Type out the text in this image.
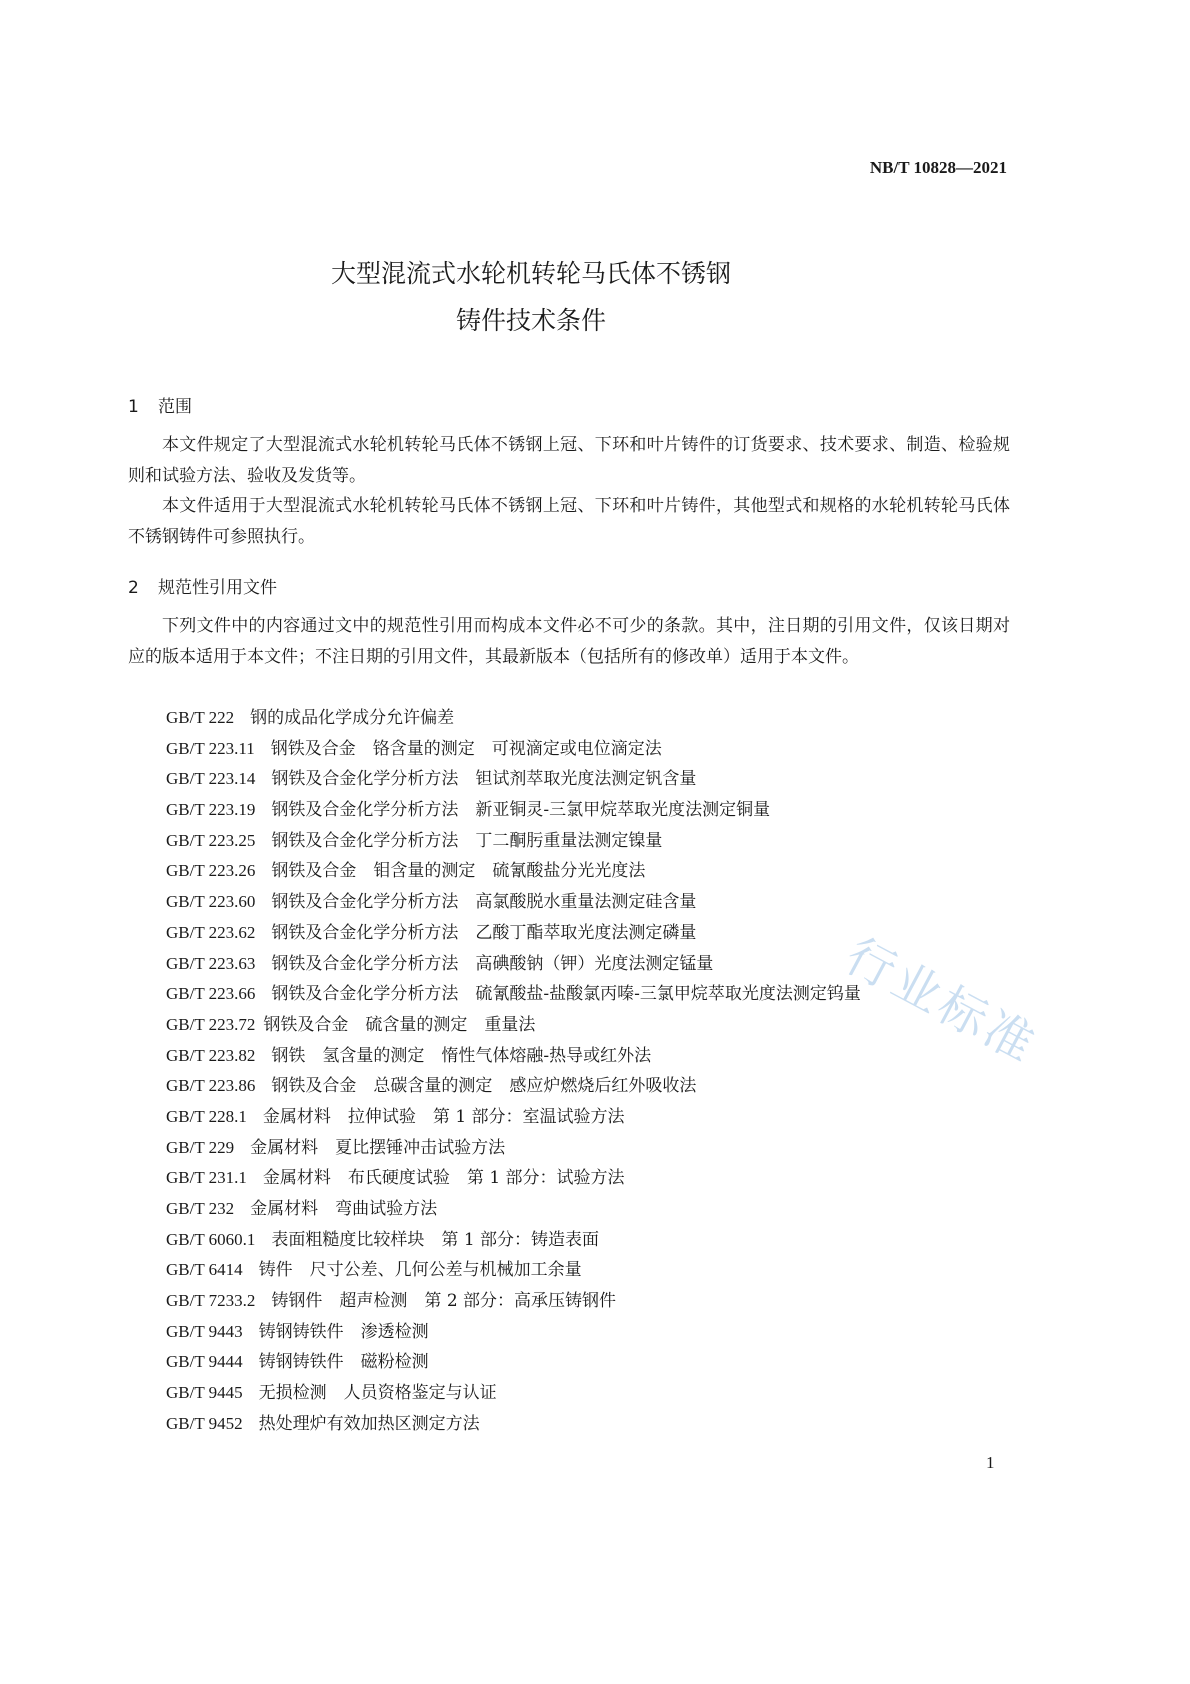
NB/T 10828—2021
大型混流式水轮机转轮马氏体不锈钢
铸件技术条件
1 范围
本文件规定了大型混流式水轮机转轮马氏体不锈钢上冠、下环和叶片铸件的订货要求、技术要求、制造、检验规则和试验方法、验收及发货等。
本文件适用于大型混流式水轮机转轮马氏体不锈钢上冠、下环和叶片铸件，其他型式和规格的水轮机转轮马氏体不锈钢铸件可参照执行。
2 规范性引用文件
下列文件中的内容通过文中的规范性引用而构成本文件必不可少的条款。其中，注日期的引用文件，仅该日期对应的版本适用于本文件；不注日期的引用文件，其最新版本（包括所有的修改单）适用于本文件。
GB/T 222 钢的成品化学成分允许偏差
GB/T 223.11 钢铁及合金　铬含量的测定　可视滴定或电位滴定法
GB/T 223.14 钢铁及合金化学分析方法　钽试剂萃取光度法测定钒含量
GB/T 223.19 钢铁及合金化学分析方法　新亚铜灵-三氯甲烷萃取光度法测定铜量
GB/T 223.25 钢铁及合金化学分析方法　丁二酮肟重量法测定镍量
GB/T 223.26 钢铁及合金　钼含量的测定　硫氰酸盐分光光度法
GB/T 223.60 钢铁及合金化学分析方法　高氯酸脱水重量法测定硅含量
GB/T 223.62 钢铁及合金化学分析方法　乙酸丁酯萃取光度法测定磷量
GB/T 223.63 钢铁及合金化学分析方法　高碘酸钠（钾）光度法测定锰量
GB/T 223.66 钢铁及合金化学分析方法　硫氰酸盐-盐酸氯丙嗪-三氯甲烷萃取光度法测定钨量
GB/T 223.72 钢铁及合金　硫含量的测定　重量法
GB/T 223.82 钢铁　氢含量的测定　惰性气体熔融-热导或红外法
GB/T 223.86 钢铁及合金　总碳含量的测定　感应炉燃烧后红外吸收法
GB/T 228.1 金属材料　拉伸试验　第 1 部分：室温试验方法
GB/T 229 金属材料　夏比摆锤冲击试验方法
GB/T 231.1 金属材料　布氏硬度试验　第 1 部分：试验方法
GB/T 232 金属材料　弯曲试验方法
GB/T 6060.1 表面粗糙度比较样块　第 1 部分：铸造表面
GB/T 6414 铸件　尺寸公差、几何公差与机械加工余量
GB/T 7233.2 铸钢件　超声检测　第 2 部分：高承压铸钢件
GB/T 9443 铸钢铸铁件　渗透检测
GB/T 9444 铸钢铸铁件　磁粉检测
GB/T 9445 无损检测　人员资格鉴定与认证
GB/T 9452 热处理炉有效加热区测定方法
行业标准
1
